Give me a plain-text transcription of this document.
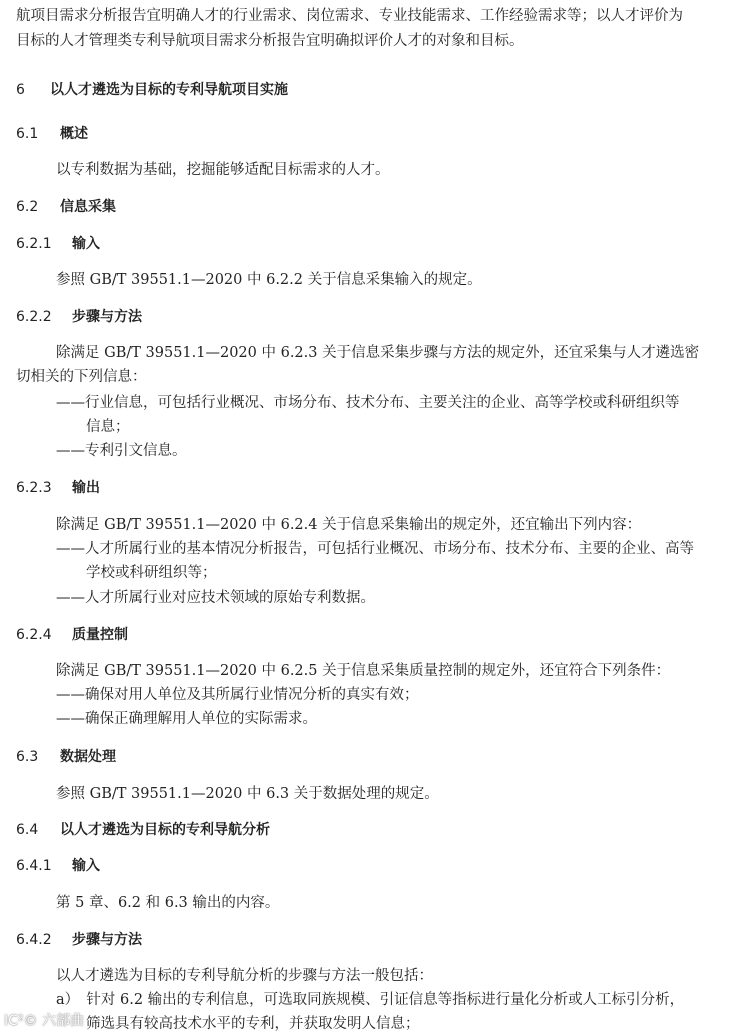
航项目需求分析报告宜明确人才的行业需求、岗位需求、专业技能需求、工作经验需求等；以人才评价为
目标的人才管理类专利导航项目需求分析报告宜明确拟评价人才的对象和目标。
6 以人才遴选为目标的专利导航项目实施
6.1 概述
以专利数据为基础，挖掘能够适配目标需求的人才。
6.2 信息采集
6.2.1 输入
参照 GB/T 39551.1—2020 中 6.2.2 关于信息采集输入的规定。
6.2.2 步骤与方法
除满足 GB/T 39551.1—2020 中 6.2.3 关于信息采集步骤与方法的规定外，还宜采集与人才遴选密
切相关的下列信息：
——行业信息，可包括行业概况、市场分布、技术分布、主要关注的企业、高等学校或科研组织等
信息；
——专利引文信息。
6.2.3 输出
除满足 GB/T 39551.1—2020 中 6.2.4 关于信息采集输出的规定外，还宜输出下列内容：
——人才所属行业的基本情况分析报告，可包括行业概况、市场分布、技术分布、主要的企业、高等
学校或科研组织等；
——人才所属行业对应技术领域的原始专利数据。
6.2.4 质量控制
除满足 GB/T 39551.1—2020 中 6.2.5 关于信息采集质量控制的规定外，还宜符合下列条件：
——确保对用人单位及其所属行业情况分析的真实有效；
——确保正确理解用人单位的实际需求。
6.3 数据处理
参照 GB/T 39551.1—2020 中 6.3 关于数据处理的规定。
6.4 以人才遴选为目标的专利导航分析
6.4.1 输入
第 5 章、6.2 和 6.3 输出的内容。
6.4.2 步骤与方法
以人才遴选为目标的专利导航分析的步骤与方法一般包括：
a）　针对 6.2 输出的专利信息，可选取同族规模、引证信息等指标进行量化分析或人工标引分析，
筛选具有较高技术水平的专利，并获取发明人信息；
IC²© 六部曲
